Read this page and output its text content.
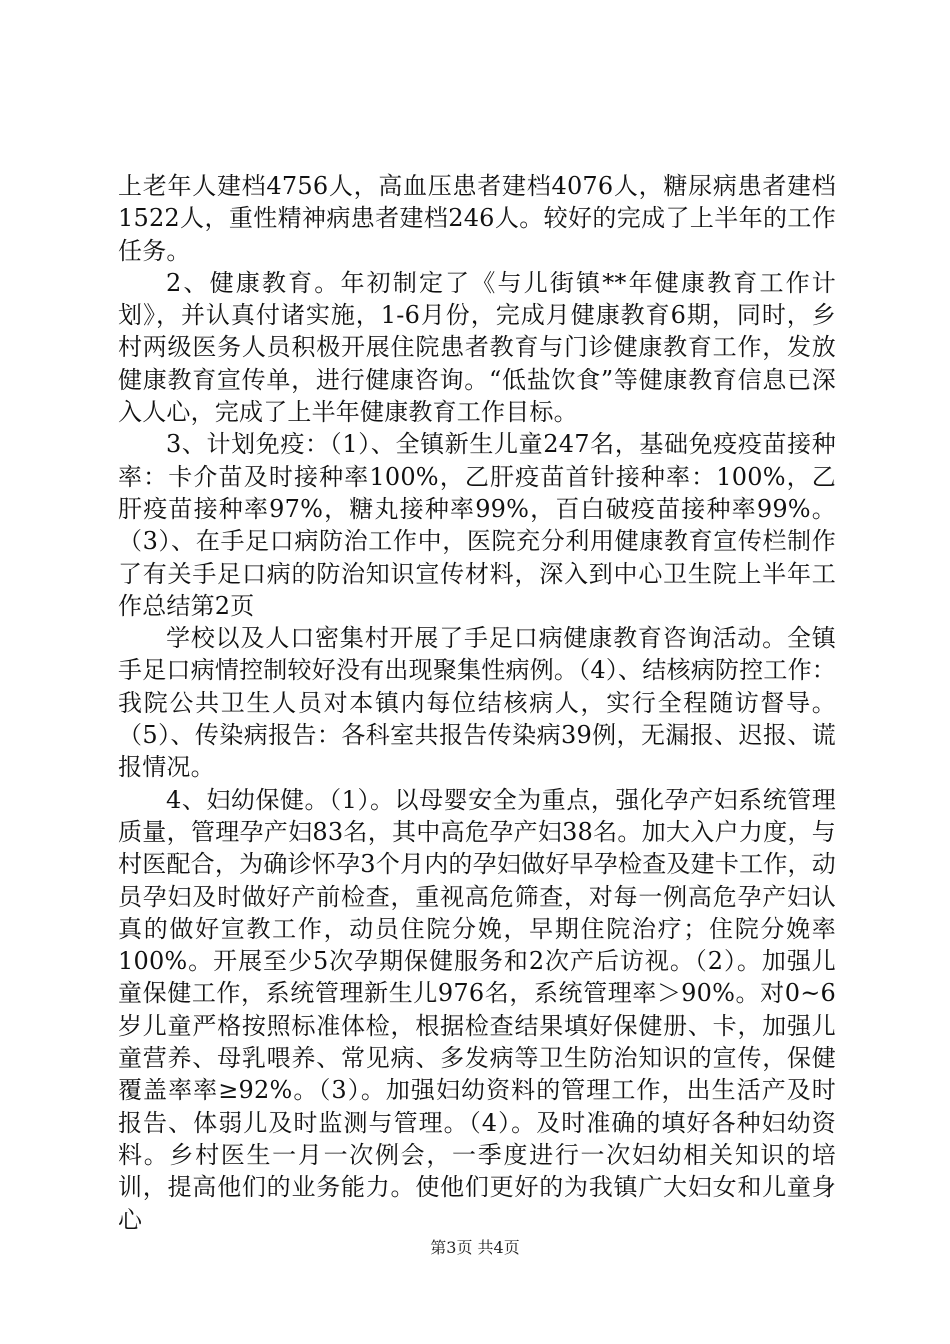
上老年人建档4756人，高血压患者建档4076人，糖尿病患者建档1522人，重性精神病患者建档246人。较好的完成了上半年的工作任务。

2、健康教育。年初制定了《与儿街镇**年健康教育工作计划》，并认真付诸实施，1-6月份，完成月健康教育6期，同时，乡村两级医务人员积极开展住院患者教育与门诊健康教育工作，发放健康教育宣传单，进行健康咨询。“低盐饮食”等健康教育信息已深入人心，完成了上半年健康教育工作目标。

3、计划免疫：（1）、全镇新生儿童247名，基础免疫疫苗接种率：卡介苗及时接种率100%，乙肝疫苗首针接种率：100%，乙肝疫苗接种率97%，糖丸接种率99%，百白破疫苗接种率99%。（3）、在手足口病防治工作中，医院充分利用健康教育宣传栏制作了有关手足口病的防治知识宣传材料，深入到中心卫生院上半年工作总结第2页

学校以及人口密集村开展了手足口病健康教育咨询活动。全镇手足口病情控制较好没有出现聚集性病例。（4）、结核病防控工作：我院公共卫生人员对本镇内每位结核病人，实行全程随访督导。（5）、传染病报告：各科室共报告传染病39例，无漏报、迟报、谎报情况。

4、妇幼保健。（1）。以母婴安全为重点，强化孕产妇系统管理质量，管理孕产妇83名，其中高危孕产妇38名。加大入户力度，与村医配合，为确诊怀孕3个月内的孕妇做好早孕检查及建卡工作，动员孕妇及时做好产前检查，重视高危筛查，对每一例高危孕产妇认真的做好宣教工作，动员住院分娩，早期住院治疗；住院分娩率100%。开展至少5次孕期保健服务和2次产后访视。（2）。加强儿童保健工作，系统管理新生儿976名，系统管理率＞90%。对0~6岁儿童严格按照标准体检，根据检查结果填好保健册、卡，加强儿童营养、母乳喂养、常见病、多发病等卫生防治知识的宣传，保健覆盖率率≥92%。（3）。加强妇幼资料的管理工作，出生活产及时报告、体弱儿及时监测与管理。（4）。及时准确的填好各种妇幼资料。乡村医生一月一次例会，一季度进行一次妇幼相关知识的培训，提高他们的业务能力。使他们更好的为我镇广大妇女和儿童身心

第3页 共4页
